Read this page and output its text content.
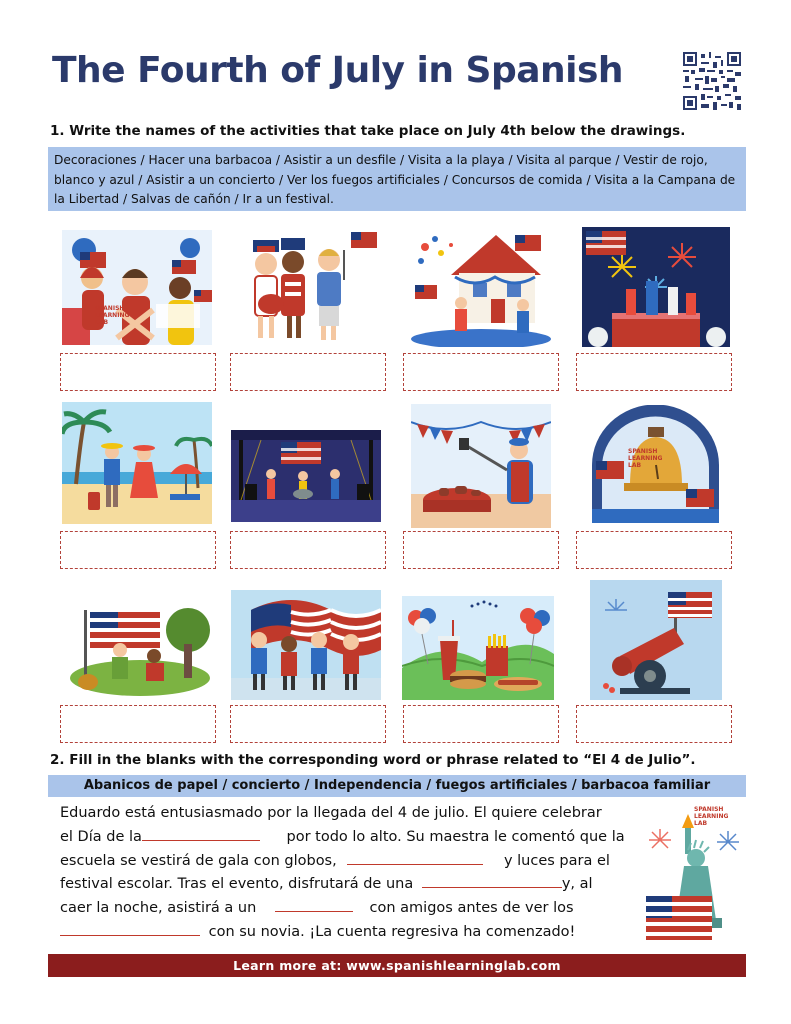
The Fourth of July in Spanish
1. Write the names of the activities that take place on July 4th below the drawings.
Decoraciones / Hacer una barbacoa / Asistir a un desfile / Visita a la playa / Visita al parque / Vestir de rojo, blanco y azul / Asistir a un concierto / Ver los fuegos artificiales / Concursos de comida / Visita a la Campana de la Libertad / Salvas de cañón / Ir a un festival.
SPANISH
LEARNING
LAB
SPANISH
LEARNING
LAB
2. Fill in the blanks with the corresponding word or phrase related to “El 4 de Julio”.
Abanicos de papel / concierto / Independencia / fuegos artificiales / barbacoa familiar
Eduardo está entusiasmado por la llegada del 4 de julio. El quiere celebrar
el Día de la	por todo lo alto. Su maestra le comentó que la
escuela se vestirá de gala con globos,	y luces para el
festival escolar. Tras el evento, disfrutará de una	y, al
caer la noche, asistirá a un	con amigos antes de ver los
con su novia. ¡La cuenta regresiva ha comenzado!
SPANISH
LEARNING
LAB
Learn more at: www.spanishlearninglab.com
